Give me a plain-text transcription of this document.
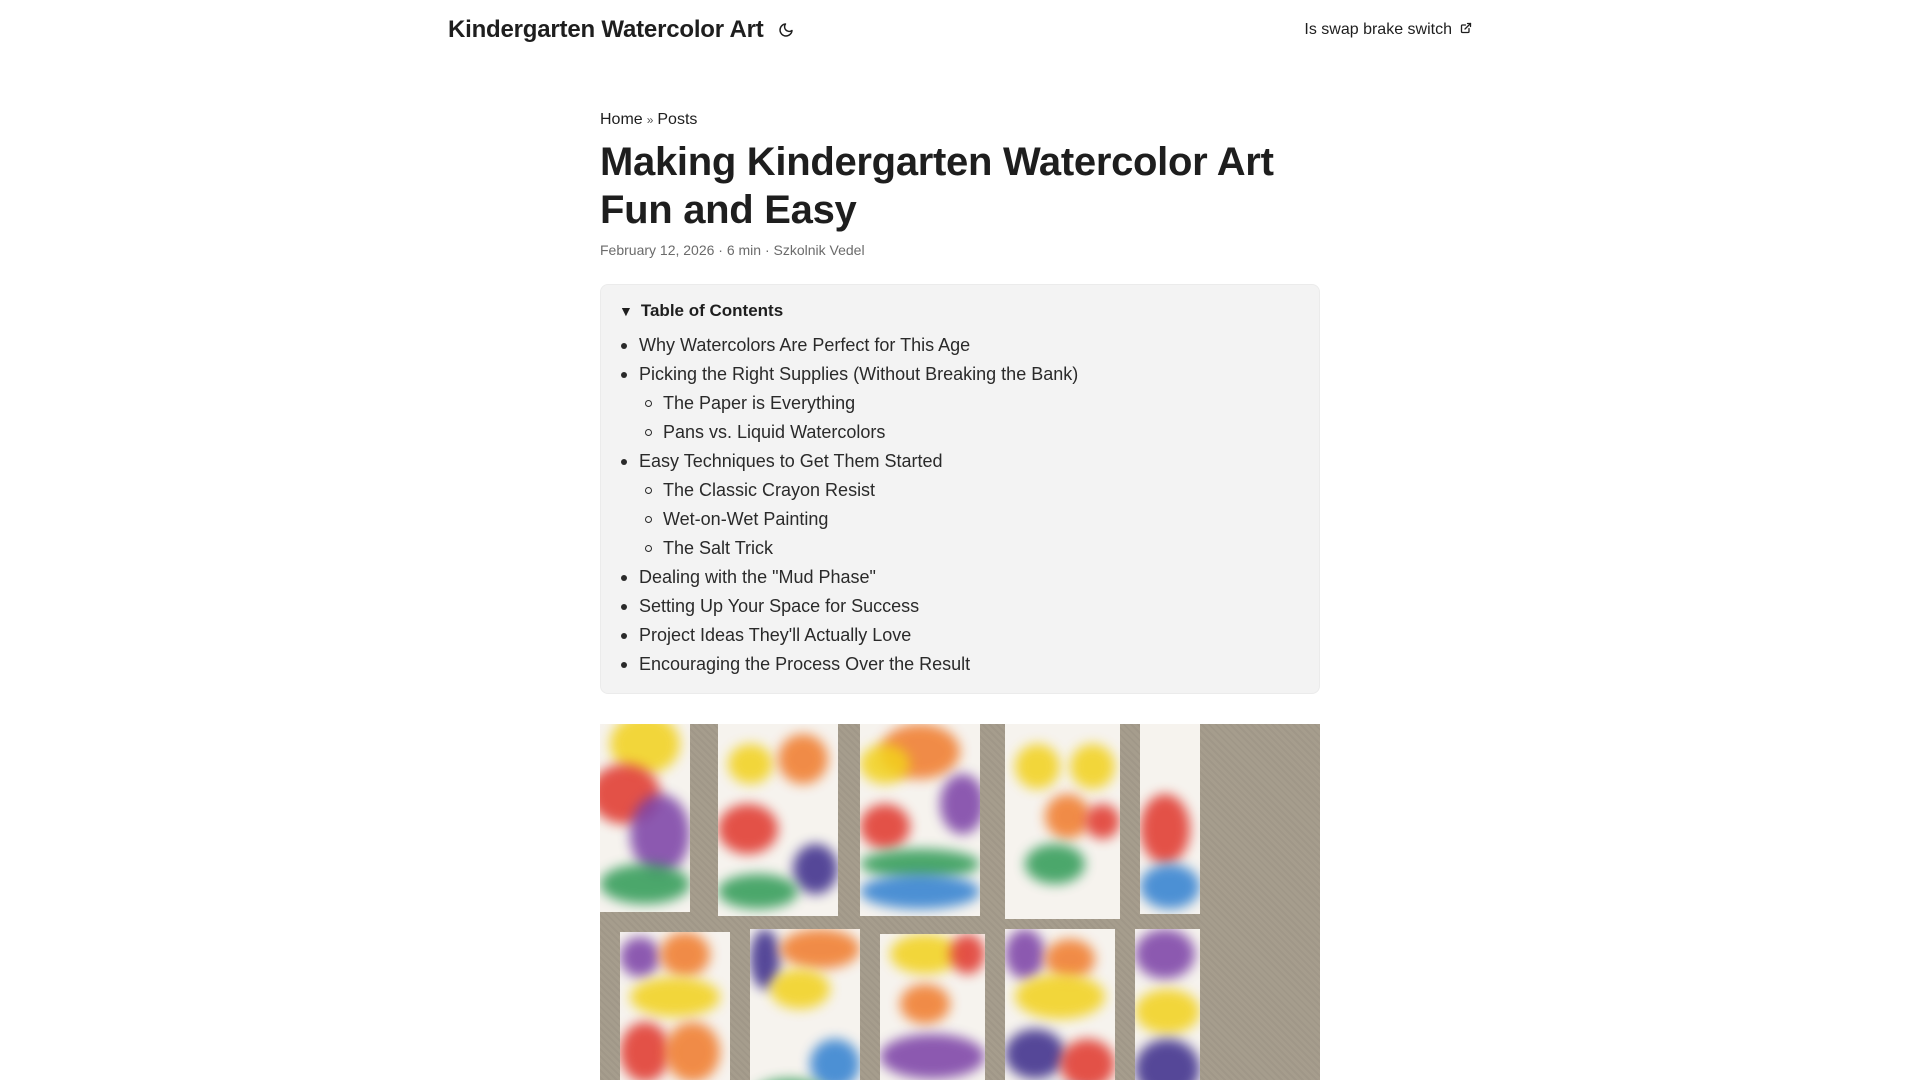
Kindergarten Watercolor Art	Is swap brake switch
Home » Posts
Making Kindergarten Watercolor Art Fun and Easy
February 12, 2026 · 6 min · Szkolnik Vedel
▼ Table of Contents
Why Watercolors Are Perfect for This Age
Picking the Right Supplies (Without Breaking the Bank)
The Paper is Everything
Pans vs. Liquid Watercolors
Easy Techniques to Get Them Started
The Classic Crayon Resist
Wet-on-Wet Painting
The Salt Trick
Dealing with the "Mud Phase"
Setting Up Your Space for Success
Project Ideas They'll Actually Love
Encouraging the Process Over the Result
